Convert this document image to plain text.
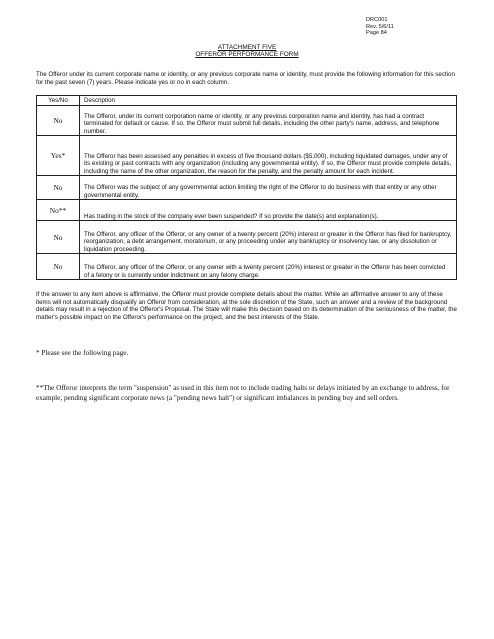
DRC001
Rev. 5/6/11
Page 84
ATTACHMENT FIVE
OFFEROR PERFORMANCE FORM
The Offeror under its current corporate name or identity, or any previous corporate name or identity, must provide the following information for this section for the past seven (7) years. Please indicate yes or no in each column.
Yes/No	Description
No	The Offeror, under its current corporation name or identity, or any previous corporation name and identity, has had a contract terminated for default or cause. If so, the Offeror must submit full details, including the other party's name, address, and telephone number.
Yes*	The Offeror has been assessed any penalties in excess of five thousand dollars ($5,000), including liquidated damages, under any of its existing or past contracts with any organization (including any governmental entity). If so, the Offeror must provide complete details, including the name of the other organization, the reason for the penalty, and the penalty amount for each incident.
No	The Offeror was the subject of any governmental action limiting the right of the Offeror to do business with that entity or any other governmental entity.
No**	Has trading in the stock of the company ever been suspended? If so provide the date(s) and explanation(s).
No	The Offeror, any officer of the Offeror, or any owner of a twenty percent (20%) interest or greater in the Offeror has filed for bankruptcy, reorganization, a debt arrangement, moratorium, or any proceeding under any bankruptcy or insolvency law, or any dissolution or liquidation proceeding.
No	The Offeror, any officer of the Offeror, or any owner with a twenty percent (20%) interest or greater in the Offeror has been convicted of a felony or is currently under indictment on any felony charge.
If the answer to any item above is affirmative, the Offeror must provide complete details about the matter. While an affirmative answer to any of these items will not automatically disqualify an Offeror from consideration, at the sole discretion of the State, such an answer and a review of the background details may result in a rejection of the Offeror's Proposal. The State will make this decision based on its determination of the seriousness of the matter, the matter's possible impact on the Offeror's performance on the project, and the best interests of the State.
* Please see the following page.
**The Offeror interprets the term "suspension" as used in this item not to include trading halts or delays initiated by an exchange to address, for example, pending significant corporate news (a "pending news halt") or significant imbalances in pending buy and sell orders.
